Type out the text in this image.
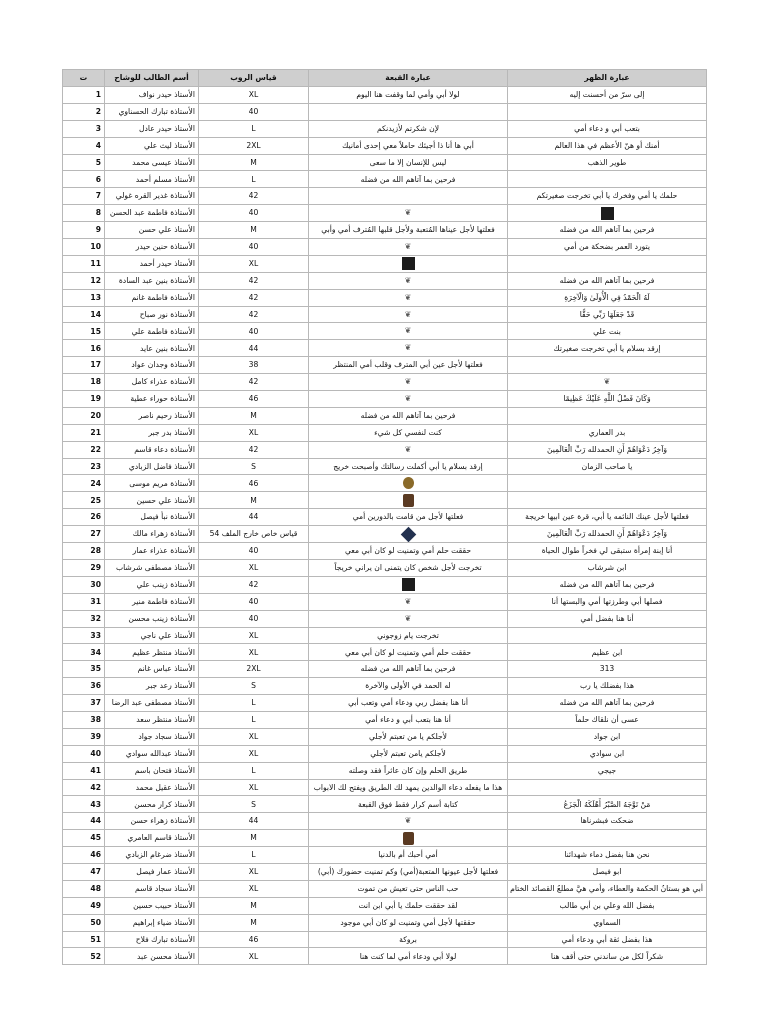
ت	أسم الطالب للوشاح	قياس الروب	عبارة القبعة	عبارة الظهر
1	الأستاذ حيدر نواف	XL	لولا أبي وأمي لما وقفت هنا اليوم	إلى سرّ من أحسنت إليه
2	الأستاذة تبارك الحسناوي	40		
3	الأستاذ حيدر عادل	L	لإن شكرتم لأزيدنكم	بتعب أبي و دعاء أمي
4	الأستاذ ليث علي	2XL	أبي ها أنا ذا أجيئك حاملاً معي إحدى أمانيك	أمنك أو هنّ الأعظم في هذا العالم
5	الأستاذ عيسى محمد	M	ليس للإنسان إلا ما سعى	طوير الذهب
6	الأستاذ مسلم أحمد	L	فرحين بما آتاهم الله من فضله	
7	الأستاذة غدير القره غولي	42		حلمك يا أمي وفخرك يا أبي تخرجت صغيرتكم
8	الأستاذة فاطمة عبد الحسن	40	❦	
9	الأستاذ علي حسن	M	فعلتها لأجل عيناها المُتعبة ولأجل قلبها المُترف أمي وأبي	فرحين بما آتاهم الله من فضله
10	الأستاذة حنين حيدر	40	❦	يتورد العمر بضحكة من أمي
11	الأستاذ حيدر أحمد	XL		
12	الأستاذة بنين عبد السادة	42	❦	فرحين بما آتاهم الله من فضله
13	الأستاذة فاطمة غانم	42	❦	لَهُ الْحَمْدُ فِي الْأُولَىٰ وَالْآخِرَةِ
14	الأستاذة نور صباح	42	❦	قَدْ جَعَلَهَا رَبِّي حَقًّا
15	الأستاذة فاطمة علي	40	❦	بنت علي
16	الأستاذة بنين عايد	44	❦	إرقد بسلام يا أبي تخرجت صغيرتك
17	الأستاذة وجدان عواد	38	فعلتها لأجل عين أبي المترف وقلب أمي المنتظر	
18	الأستاذة عذراء كامل	42	❦	❦
19	الأستاذة حوراء عطية	46	❦	وَكَانَ فَضْلُ اللَّهِ عَلَيْكَ عَظِيمًا
20	الأستاذ رحيم ناصر	M	فرحين بما آتاهم الله من فضله	
21	الأستاذ بدر جبر	XL	كنت لنفسي كل شيء	بدر العماري
22	الأستاذة دعاء قاسم	42	❦	وَآخِرُ دَعْوَاهُمْ أَنِ الحمدلله رَبِّ الْعَالَمِينَ
23	الأستاذ فاضل الزبادي	S	إرقد بسلام يا أبي أكملت رسالتك وأصبحت خريج	يا صاحب الزمان
24	الأستاذة مريم موسى	46		
25	الأستاذ علي حسين	M		
26	الأستاذة نبأ فيصل	44	فعلتها لأجل من قامت بالدورين أمي	فعلتها لأجل عينك النائمه يا أبي، قرة عين ابيها خريجة
27	الأستاذة زهراء مالك	54 قياس خاص خارج الملف		وَآخِرُ دَعْوَاهُمْ أَنِ الحمدلله رَبِّ الْعَالَمِينَ
28	الأستاذة عذراء عمار	40	حققت حلم أمي وتمنيت لو كان أبي معي	أنا إبنة إمرأة ستبقى لي فخراً طوال الحياة
29	الأستاذ مصطفى شرشاب	XL	تخرجت لأجل شخص كان يتمنى ان يراني خريجاً	ابن شرشاب
30	الأستاذة زينب علي	42		فرحين بما آتاهم الله من فضله
31	الأستاذة فاطمة منير	40	❦	فصلها أبي وطرزتها أمي والبستها أنا
32	الأستاذة زينب محسن	40	❦	أنا هنا بفضل أمي
33	الأستاذ علي ناجي	XL	تخرجت يام زوجوني	
34	الأستاذ منتظر عظيم	XL	حققت حلم أمي وتمنيت لو كان أبي معي	ابن عظيم
35	الأستاذ عباس غانم	2XL	فرحين بما آتاهم الله من فضله	313
36	الأستاذ رعد جبر	S	له الحمد في الأولى والآخرة	هذا بفضلك يا رب
37	الأستاذ مصطفى عبد الرضا	L	أنا هنا بفضل ربي ودعاء أمي وتعب أبي	فرحين بما آتاهم الله من فضله
38	الأستاذ منتظر سعد	L	أنا هنا بتعب أبي و دعاء أمي	عسى أن نلقاك حلماً
39	الأستاذ سجاد جواد	XL	لأجلكم يا من تعبتم لأجلي	ابن جواد
40	الأستاذ عبدالله سوادي	XL	لأجلكم يامن تعبتم لأجلي	ابن سوادي
41	الأستاذ فتحان باسم	L	طريق الحلم وإن كان عاثراً فقد وصلته	جيجي
42	الأستاذ عقيل محمد	XL	هذا ما يفعله دعاء الوالدين يمهد لك الطريق ويفتح لك الابواب	
43	الأستاذ كرار محسن	S	كتابة أسم كرار فقط فوق القبعة	مَنْ تَوَّجَهُ الصَّبْرُ أَهْلَكَهُ الْجَزَعُ
44	الأستاذة زهراء حسن	44	❦	ضحكت فبشرناها
45	الأستاذ قاسم العامري	M		
46	الأستاذ ضرغام الزبادي	L	أمي أحبك أم بالدنيا	نحن هنا بفضل دماء شهدائنا
47	الأستاذ عمار فيصل	XL	فعلتها لأجل عيونها المتعبة(أمي) وكم تمنيت حضورك (أبي)	ابو فيصل
48	الأستاذ سجاد قاسم	XL	حب الناس حتى تعيش من تموت	أبي هو بستانُ الحكمة والعطاء، وأمي هيَّ مطلعُ القصائد الختام
49	الأستاذ حبيب حسين	M	لقد حققت حلمك يا أبي ابن انت	بفضل الله وعلي بن أبي طالب
50	الأستاذ ضياء إبراهيم	M	حققتها لأجل أمي وتمنيت لو كان أبي موجود	السماوي
51	الأستاذة تبارك فلاح	46	بروكة	هذا بفضل ثقة أبي ودعاء أمي
52	الأستاذ محسن عبد	XL	لولا أبي ودعاء أمي لما كنت هنا	شكراً لكل من ساندني حتى أقف هنا
